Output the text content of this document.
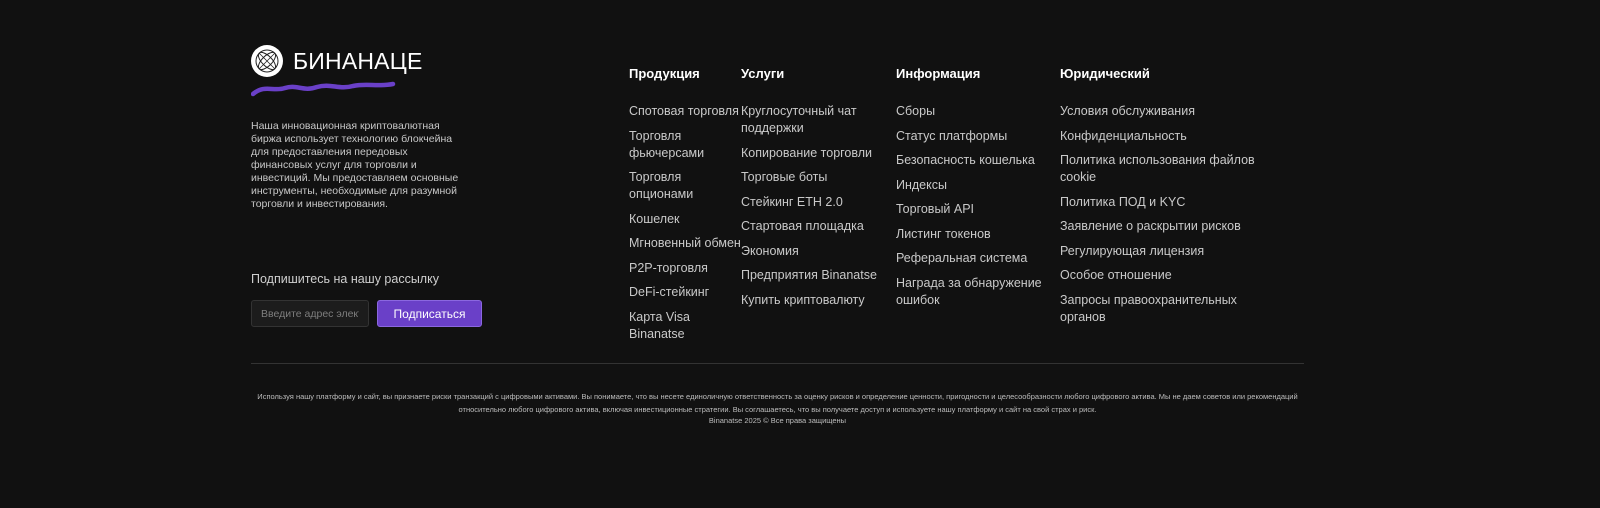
БИНАНАЦЕ
Наша инновационная криптовалютная биржа использует технологию блокчейна для предоставления передовых финансовых услуг для торговли и инвестиций. Мы предоставляем основные инструменты, необходимые для разумной торговли и инвестирования.
Подпишитесь на нашу рассылку
Введите адрес электронной почты
Подписаться
Продукция
Спотовая торговля
Торговля фьючерсами
Торговля опционами
Кошелек
Мгновенный обмен
P2P-торговля
DeFi-стейкинг
Карта Visa Binanatse
Услуги
Круглосуточный чат поддержки
Копирование торговли
Торговые боты
Стейкинг ETH 2.0
Стартовая площадка
Экономия
Предприятия Binanatse
Купить криптовалюту
Информация
Сборы
Статус платформы
Безопасность кошелька
Индексы
Торговый API
Листинг токенов
Реферальная система
Награда за обнаружение ошибок
Юридический
Условия обслуживания
Конфиденциальность
Политика использования файлов cookie
Политика ПОД и KYC
Заявление о раскрытии рисков
Регулирующая лицензия
Особое отношение
Запросы правоохранительных органов
Используя нашу платформу и сайт, вы признаете риски транзакций с цифровыми активами. Вы понимаете, что вы несете единоличную ответственность за оценку рисков и определение ценности, пригодности и целесообразности любого цифрового актива. Мы не даем советов или рекомендаций относительно любого цифрового актива, включая инвестиционные стратегии. Вы соглашаетесь, что вы получаете доступ и используете нашу платформу и сайт на свой страх и риск.
Binanatse 2025 © Все права защищены
